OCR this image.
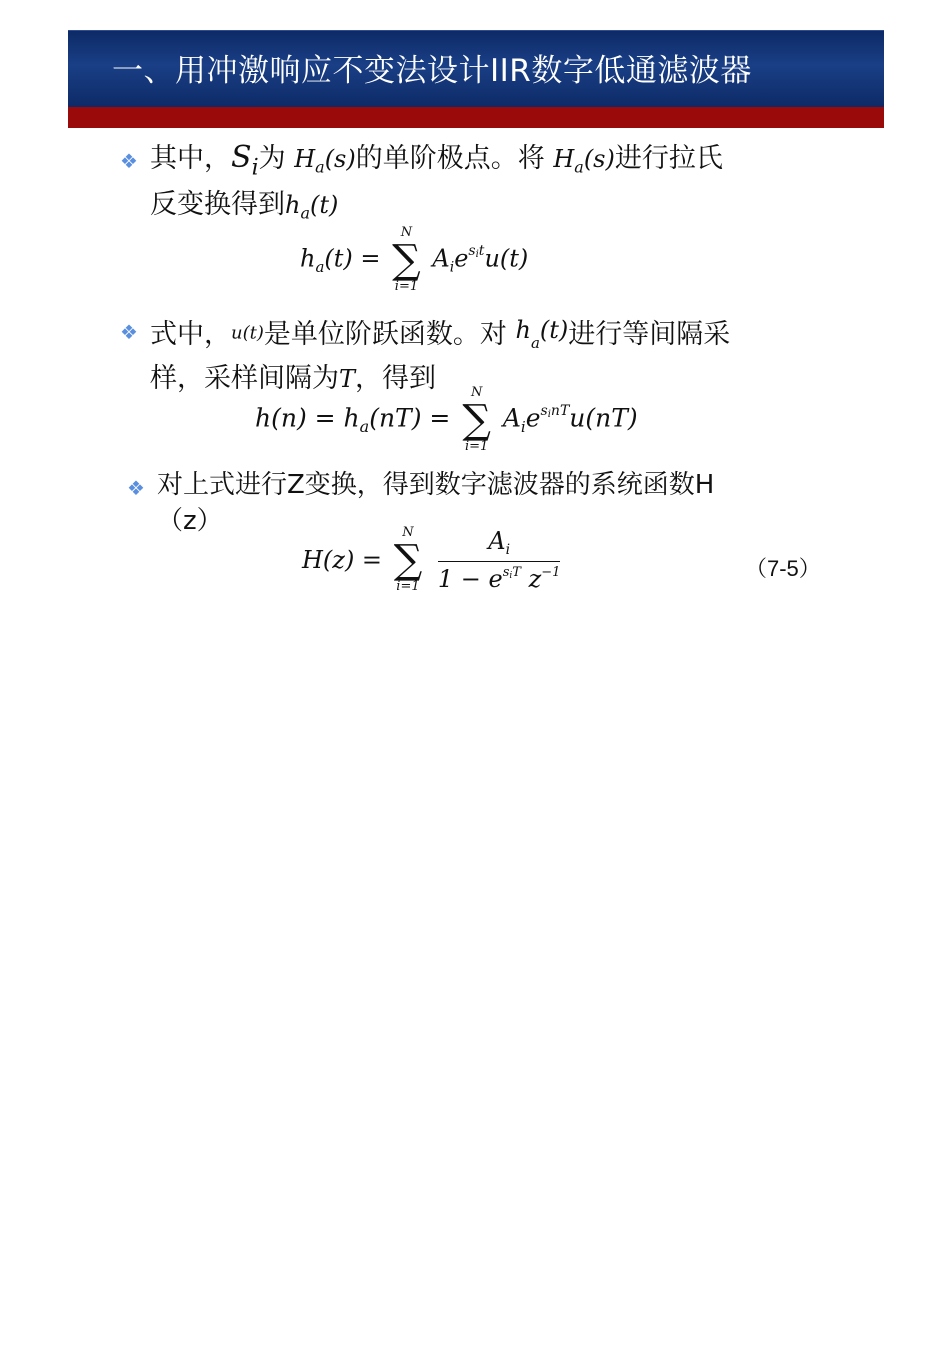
一、用冲激响应不变法设计IIR数字低通滤波器
❖ 其中，$S_i$为 $H_a(s)$的单阶极点。将 $H_a(s)$进行拉氏
反变换得到$h_a(t)$
$h_a(t)$ =
N
∑
i=1
$A_ie^{sit}u(t)$
❖ 式中，u(t)是单位阶跃函数。对 $h_a(t)$进行等间隔采
样，采样间隔为T，得到
$h(n) = h_a(nT)$ =
N
∑
i=1
$A_ie^{sinT}u(nT)$
❖ 对上式进行Z变换，得到数字滤波器的系统函数H
（z）
H(z) =
N
∑
i=1
$\frac{A_i}{1 - e^{siT} z^{-1}}$	（7-5）
